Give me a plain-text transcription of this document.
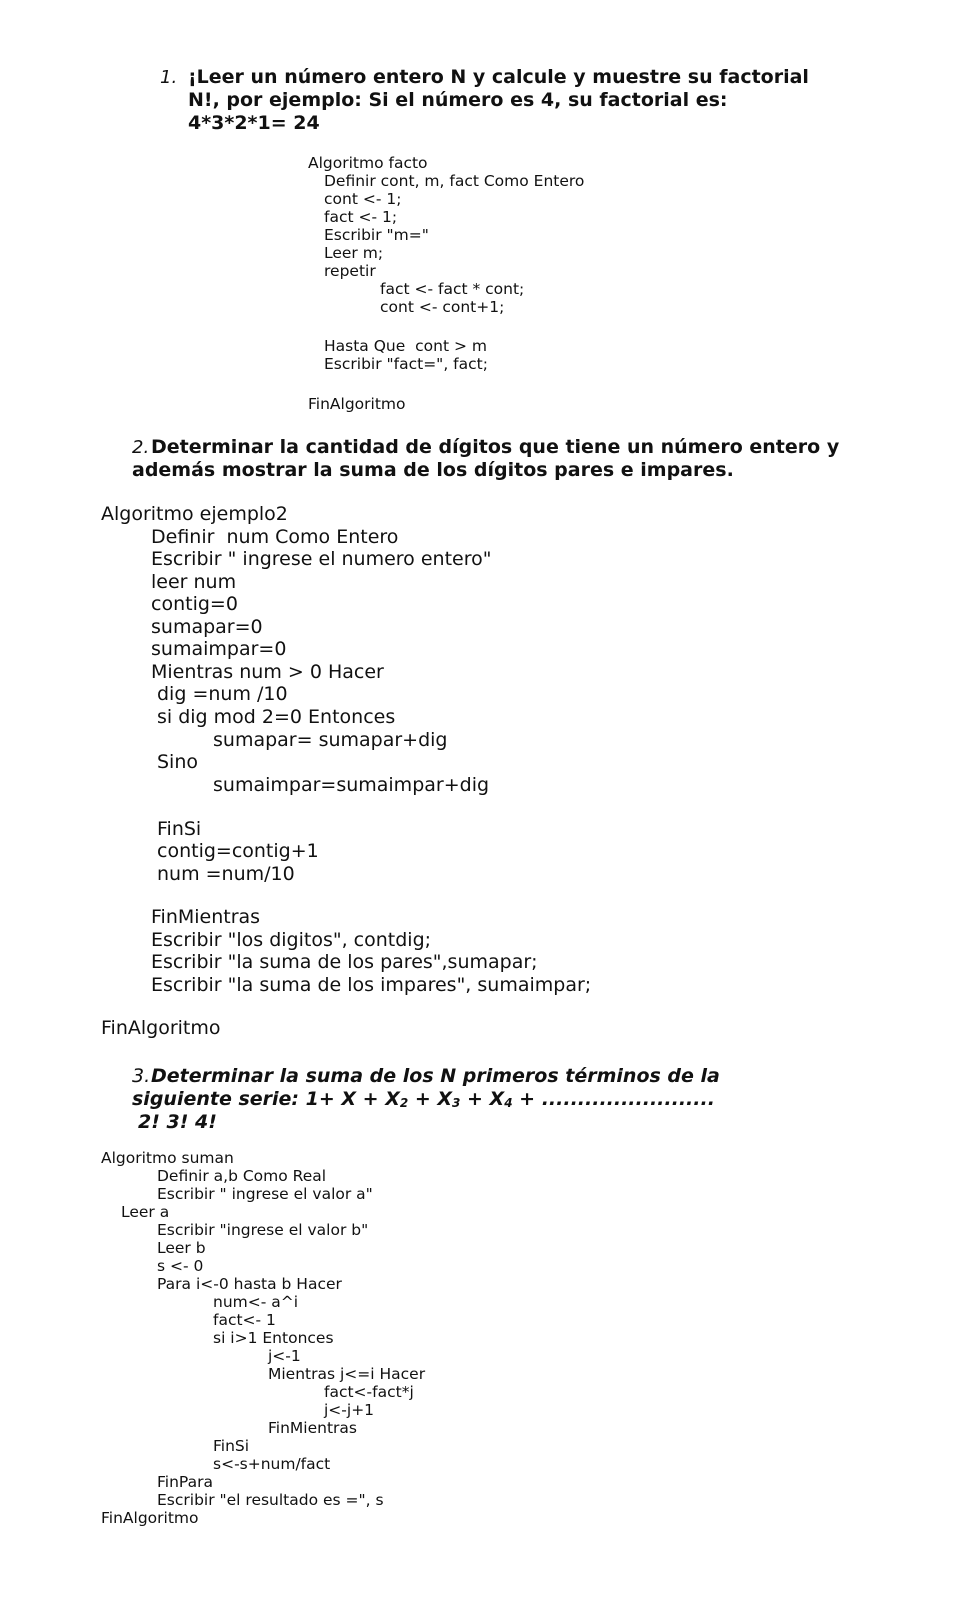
1. ¡Leer un número entero N y calcule y muestre su factorial
N!, por ejemplo: Si el número es 4, su factorial es:
4*3*2*1= 24
Algoritmo facto
Definir cont, m, fact Como Entero
cont <- 1;
fact <- 1;
Escribir "m="
Leer m;
repetir
fact <- fact * cont;
cont <- cont+1;
Hasta Que  cont > m
Escribir "fact=", fact;
FinAlgoritmo
2. Determinar la cantidad de dígitos que tiene un número entero y
además mostrar la suma de los dígitos pares e impares.
Algoritmo ejemplo2
Definir  num Como Entero
Escribir " ingrese el numero entero"
leer num
contig=0
sumapar=0
sumaimpar=0
Mientras num > 0 Hacer
dig =num /10
si dig mod 2=0 Entonces
sumapar= sumapar+dig
Sino
sumaimpar=sumaimpar+dig
FinSi
contig=contig+1
num =num/10
FinMientras
Escribir "los digitos", contdig;
Escribir "la suma de los pares",sumapar;
Escribir "la suma de los impares", sumaimpar;
FinAlgoritmo
3. Determinar la suma de los N primeros términos de la
siguiente serie: 1+ X + X2 + X3 + X4 + ........................
2! 3! 4!
Algoritmo suman
Definir a,b Como Real
Escribir " ingrese el valor a"
Leer a
Escribir "ingrese el valor b"
Leer b
s <- 0
Para i<-0 hasta b Hacer
num<- a^i
fact<- 1
si i>1 Entonces
j<-1
Mientras j<=i Hacer
fact<-fact*j
j<-j+1
FinMientras
FinSi
s<-s+num/fact
FinPara
Escribir "el resultado es =", s
FinAlgoritmo
